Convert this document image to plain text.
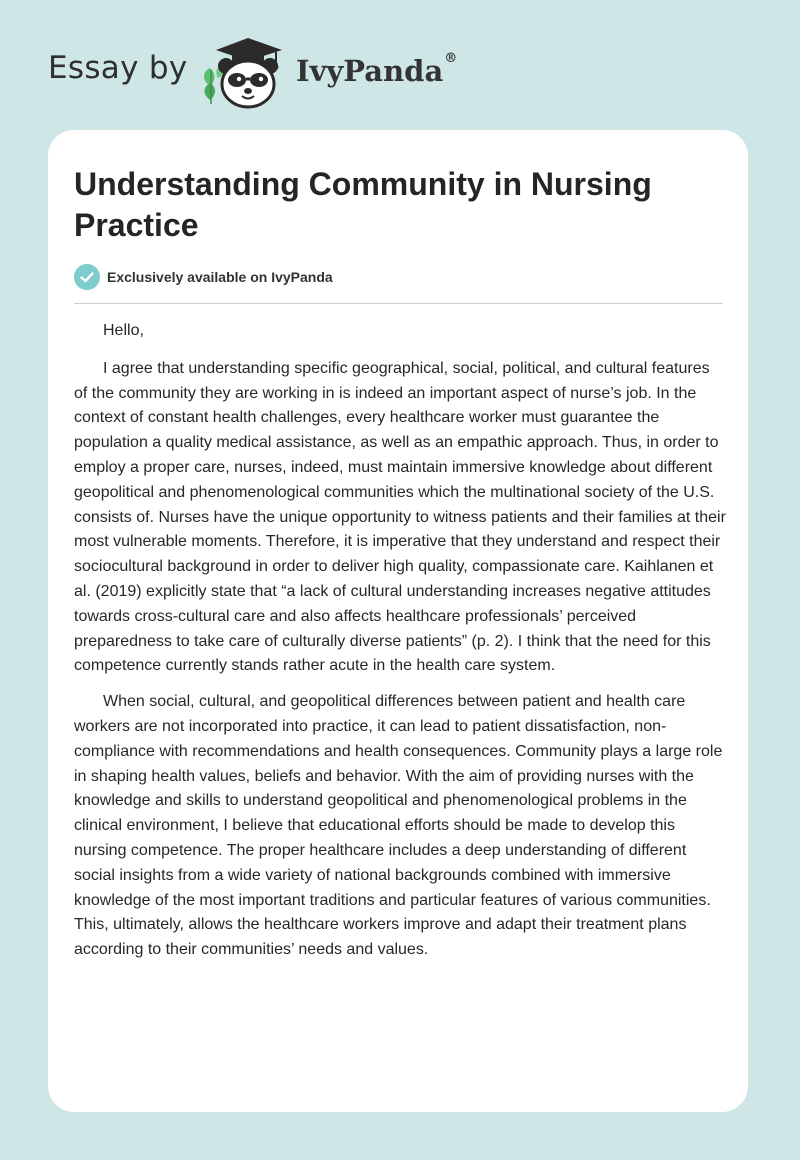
Essay by	IvyPanda®
Understanding Community in Nursing Practice
Exclusively available on IvyPanda

Hello,

I agree that understanding specific geographical, social, political, and cultural features of the community they are working in is indeed an important aspect of nurse’s job. In the context of constant health challenges, every healthcare worker must guarantee the population a quality medical assistance, as well as an empathic approach. Thus, in order to employ a proper care, nurses, indeed, must maintain immersive knowledge about different geopolitical and phenomenological communities which the multinational society of the U.S. consists of. Nurses have the unique opportunity to witness patients and their families at their most vulnerable moments. Therefore, it is imperative that they understand and respect their sociocultural background in order to deliver high quality, compassionate care. Kaihlanen et al. (2019) explicitly state that “a lack of cultural understanding increases negative attitudes towards cross-cultural care and also affects healthcare professionals’ perceived preparedness to take care of culturally diverse patients” (p. 2). I think that the need for this competence currently stands rather acute in the health care system.

When social, cultural, and geopolitical differences between patient and health care workers are not incorporated into practice, it can lead to patient dissatisfaction, non-compliance with recommendations and health consequences. Community plays a large role in shaping health values, beliefs and behavior. With the aim of providing nurses with the knowledge and skills to understand geopolitical and phenomenological problems in the clinical environment, I believe that educational efforts should be made to develop this nursing competence. The proper healthcare includes a deep understanding of different social insights from a wide variety of national backgrounds combined with immersive knowledge of the most important traditions and particular features of various communities. This, ultimately, allows the healthcare workers improve and adapt their treatment plans according to their communities’ needs and values.
